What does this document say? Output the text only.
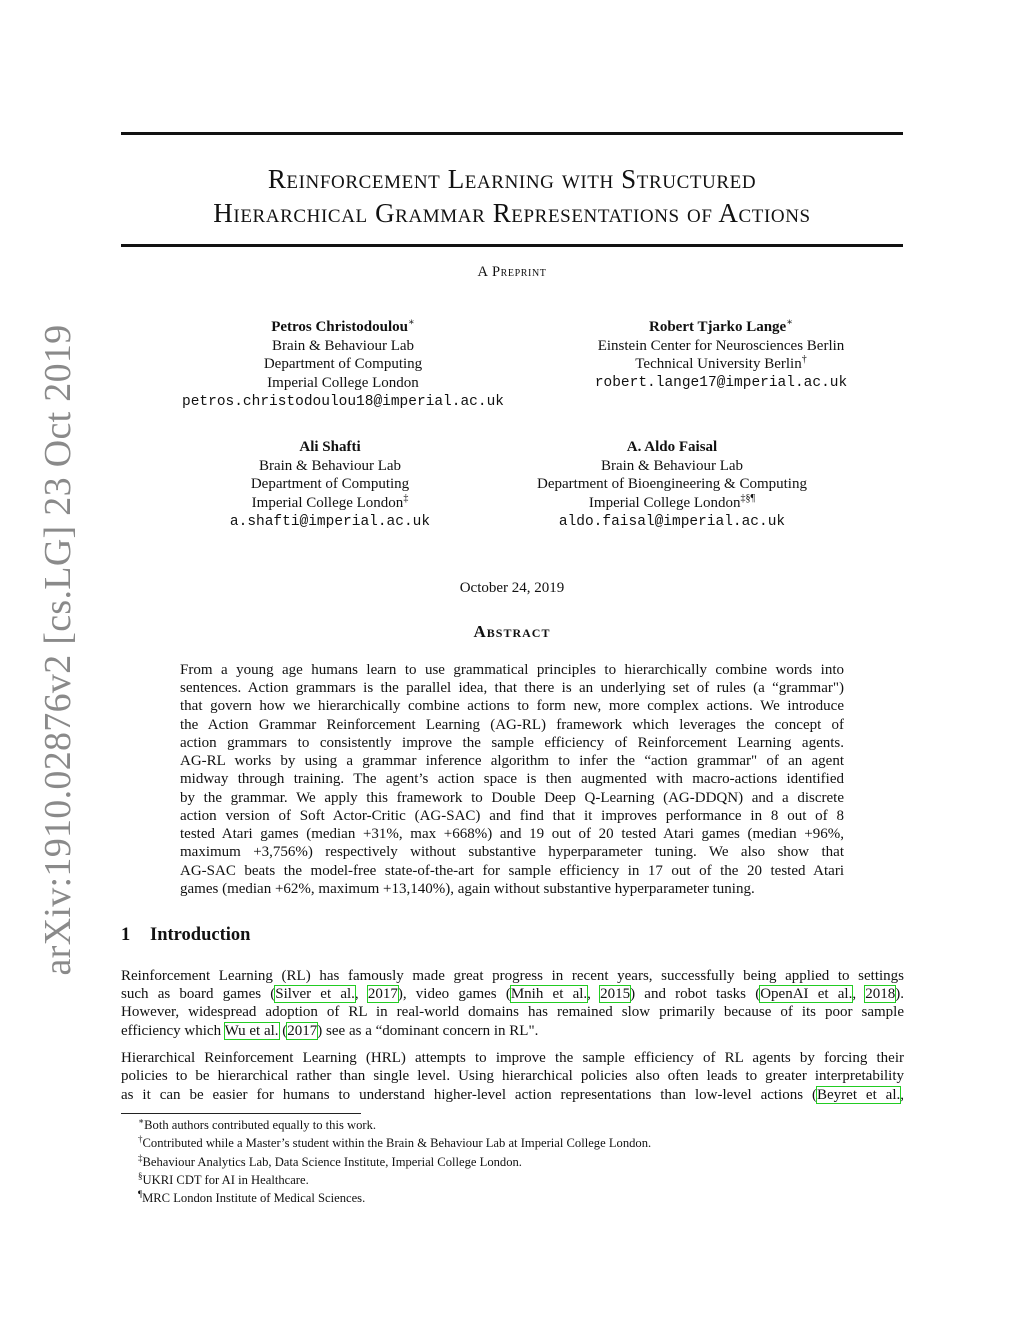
arXiv:1910.02876v2 [cs.LG] 23 Oct 2019
Reinforcement Learning with Structured
Hierarchical Grammar Representations of Actions
A Preprint
Petros Christodoulou∗
Brain & Behaviour Lab
Department of Computing
Imperial College London
petros.christodoulou18@imperial.ac.uk
Robert Tjarko Lange∗
Einstein Center for Neurosciences Berlin
Technical University Berlin†
robert.lange17@imperial.ac.uk
Ali Shafti
Brain & Behaviour Lab
Department of Computing
Imperial College London‡
a.shafti@imperial.ac.uk
A. Aldo Faisal
Brain & Behaviour Lab
Department of Bioengineering & Computing
Imperial College London‡§¶
aldo.faisal@imperial.ac.uk
October 24, 2019
Abstract
From a young age humans learn to use grammatical principles to hierarchically combine words into
sentences. Action grammars is the parallel idea, that there is an underlying set of rules (a “grammar")
that govern how we hierarchically combine actions to form new, more complex actions. We introduce
the Action Grammar Reinforcement Learning (AG-RL) framework which leverages the concept of
action grammars to consistently improve the sample efficiency of Reinforcement Learning agents.
AG-RL works by using a grammar inference algorithm to infer the “action grammar" of an agent
midway through training. The agent’s action space is then augmented with macro-actions identified
by the grammar. We apply this framework to Double Deep Q-Learning (AG-DDQN) and a discrete
action version of Soft Actor-Critic (AG-SAC) and find that it improves performance in 8 out of 8
tested Atari games (median +31%, max +668%) and 19 out of 20 tested Atari games (median +96%,
maximum +3,756%) respectively without substantive hyperparameter tuning. We also show that
AG-SAC beats the model-free state-of-the-art for sample efficiency in 17 out of the 20 tested Atari
games (median +62%, maximum +13,140%), again without substantive hyperparameter tuning.
1 Introduction
Reinforcement Learning (RL) has famously made great progress in recent years, successfully being applied to settings
such as board games (Silver et al., 2017), video games (Mnih et al., 2015) and robot tasks (OpenAI et al., 2018).
However, widespread adoption of RL in real-world domains has remained slow primarily because of its poor sample
efficiency which Wu et al. (2017) see as a “dominant concern in RL".
Hierarchical Reinforcement Learning (HRL) attempts to improve the sample efficiency of RL agents by forcing their
policies to be hierarchical rather than single level. Using hierarchical policies also often leads to greater interpretability
as it can be easier for humans to understand higher-level action representations than low-level actions (Beyret et al.,
∗Both authors contributed equally to this work.
†Contributed while a Master’s student within the Brain & Behaviour Lab at Imperial College London.
‡Behaviour Analytics Lab, Data Science Institute, Imperial College London.
§UKRI CDT for AI in Healthcare.
¶MRC London Institute of Medical Sciences.
